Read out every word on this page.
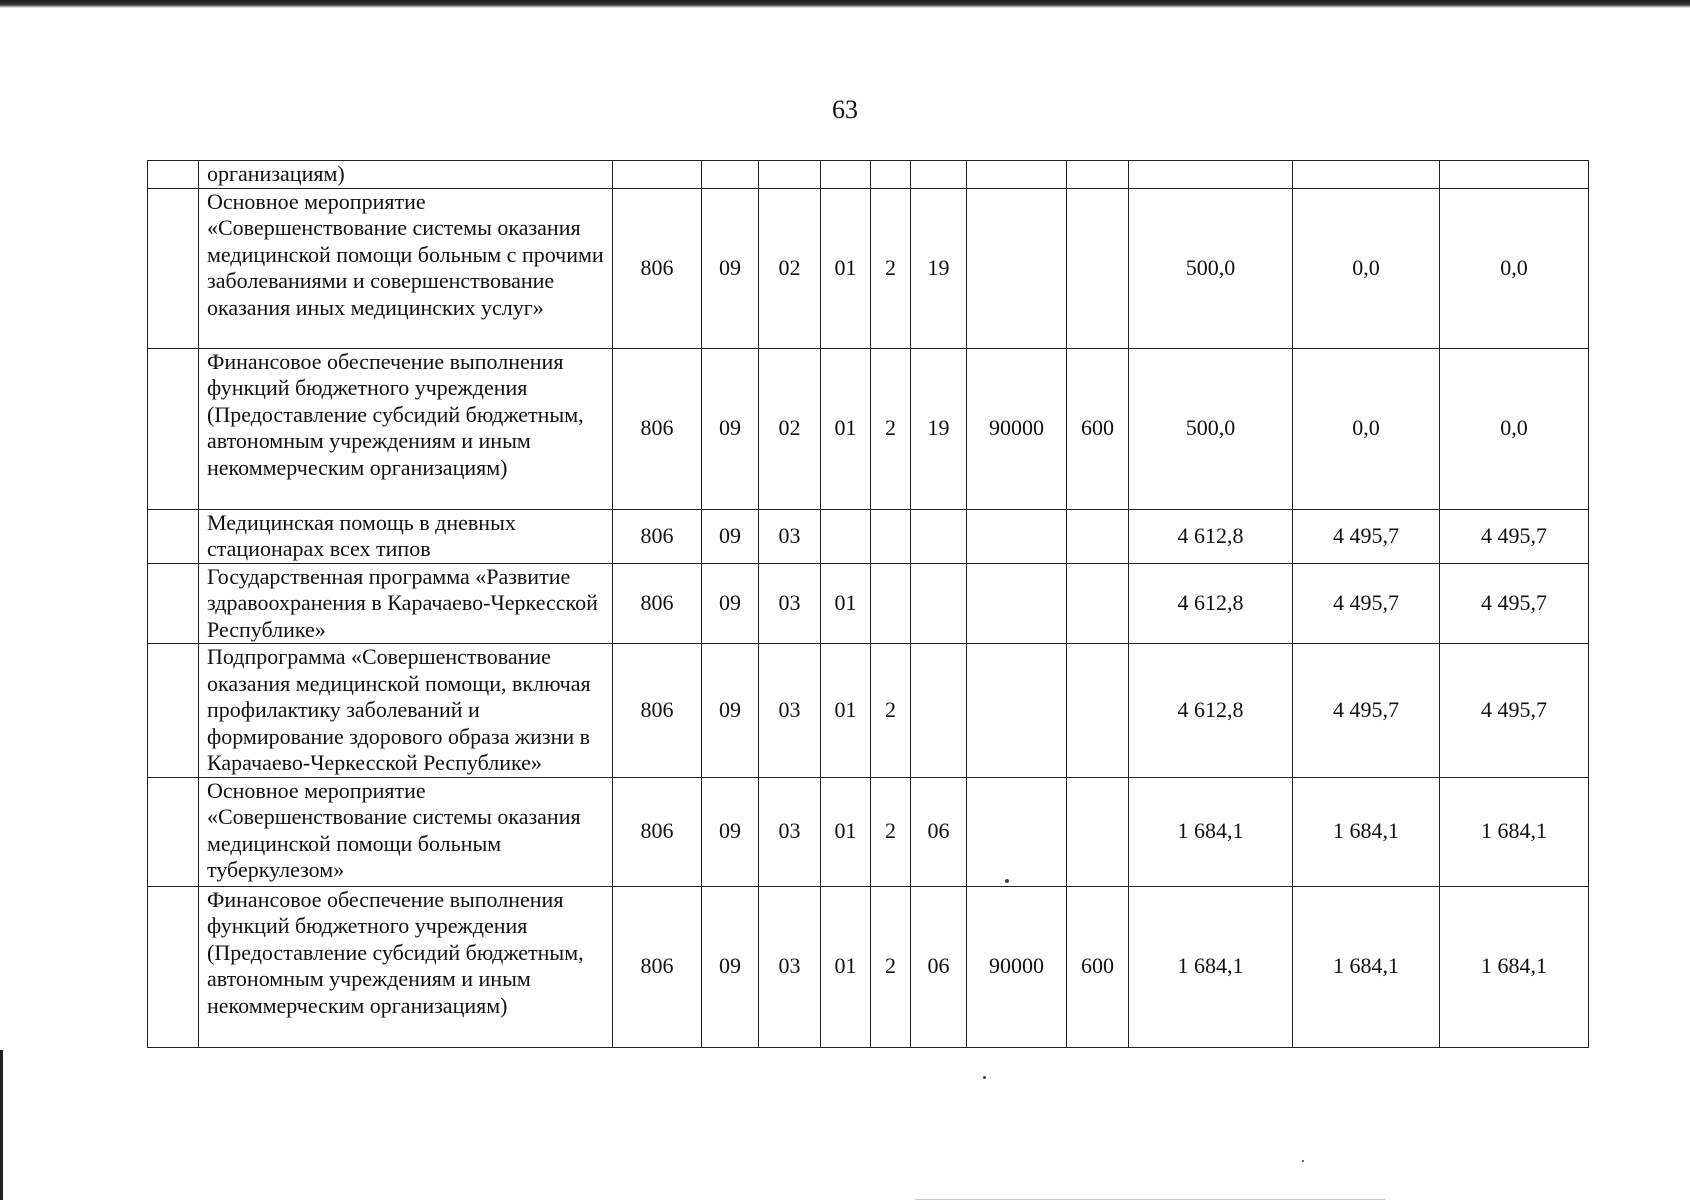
63
	организациям)											
	Основное мероприятие «Совершенствование системы оказания медицинской помощи больным с прочими заболеваниями и совершенствование оказания иных медицинских услуг»	806	09	02	01	2	19			500,0	0,0	0,0
	Финансовое обеспечение выполнения функций бюджетного учреждения (Предоставление субсидий бюджетным, автономным учреждениям и иным некоммерческим организациям)	806	09	02	01	2	19	90000	600	500,0	0,0	0,0
	Медицинская помощь в дневных стационарах всех типов	806	09	03						4 612,8	4 495,7	4 495,7
	Государственная программа «Развитие здравоохранения в Карачаево-Черкесской Республике»	806	09	03	01					4 612,8	4 495,7	4 495,7
	Подпрограмма «Совершенствование оказания медицинской помощи, включая профилактику заболеваний и формирование здорового образа жизни в Карачаево-Черкесской Республике»	806	09	03	01	2				4 612,8	4 495,7	4 495,7
	Основное мероприятие «Совершенствование системы оказания медицинской помощи больным туберкулезом»	806	09	03	01	2	06			1 684,1	1 684,1	1 684,1
	Финансовое обеспечение выполнения функций бюджетного учреждения (Предоставление субсидий бюджетным, автономным учреждениям и иным некоммерческим организациям)	806	09	03	01	2	06	90000	600	1 684,1	1 684,1	1 684,1
